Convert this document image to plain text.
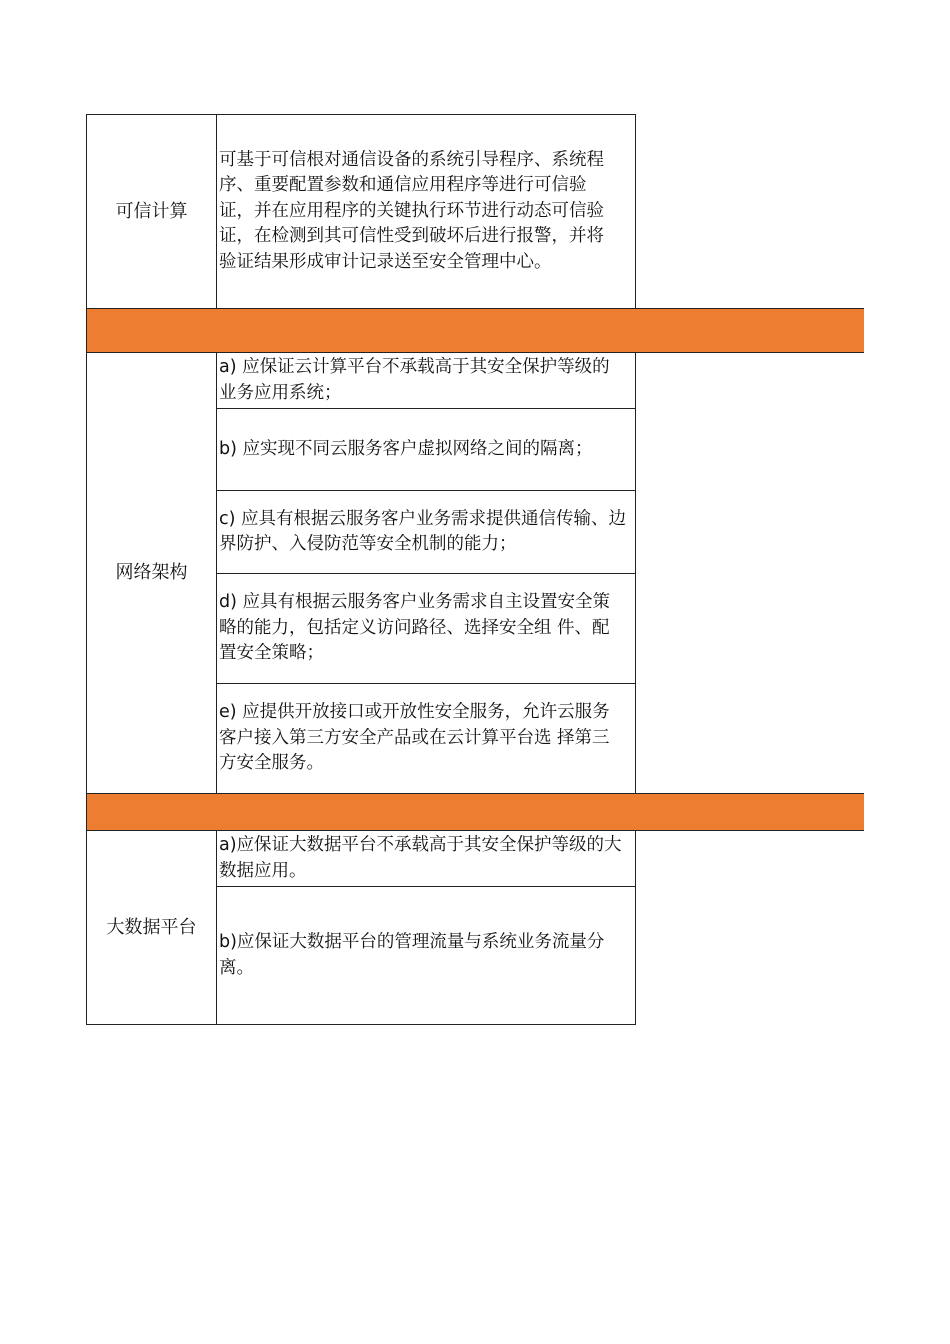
可信计算
可基于可信根对通信设备的系统引导程序、系统程序、重要配置参数和通信应用程序等进行可信验 证，并在应用程序的关键执行环节进行动态可信验证，在检测到其可信性受到破坏后进行报警，并将 验证结果形成审计记录送至安全管理中心。
网络架构
a) 应保证云计算平台不承载高于其安全保护等级的业务应用系统；
b) 应实现不同云服务客户虚拟网络之间的隔离；
c) 应具有根据云服务客户业务需求提供通信传输、边界防护、入侵防范等安全机制的能力；
d) 应具有根据云服务客户业务需求自主设置安全策略的能力，包括定义访问路径、选择安全组 件、配置安全策略；
e) 应提供开放接口或开放性安全服务，允许云服务客户接入第三方安全产品或在云计算平台选 择第三方安全服务。
大数据平台
a)应保证大数据平台不承载高于其安全保护等级的大数据应用。
b)应保证大数据平台的管理流量与系统业务流量分离。
